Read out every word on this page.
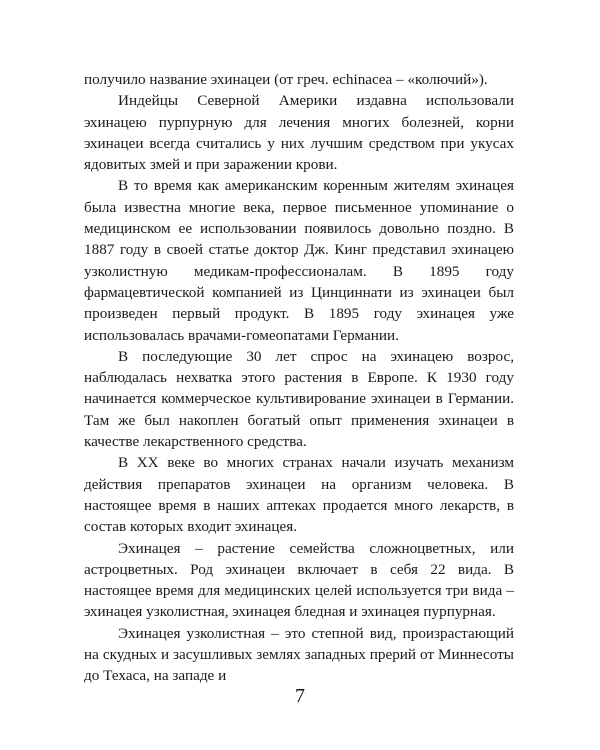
получило название эхинацеи (от греч. echinacea – «колючий»).

Индейцы Северной Америки издавна использовали эхинацею пурпурную для лечения многих болезней, корни эхинацеи всегда считались у них лучшим средством при укусах ядовитых змей и при заражении крови.

В то время как американским коренным жителям эхинацея была известна многие века, первое письменное упоминание о медицинском ее использовании появилось довольно поздно. В 1887 году в своей статье доктор Дж. Кинг представил эхинацею узколистную медикам-профессионалам. В 1895 году фармацевтической компанией из Цинциннати из эхинацеи был произведен первый продукт. В 1895 году эхинацея уже использовалась врачами-гомеопатами Германии.

В последующие 30 лет спрос на эхинацею возрос, наблюдалась нехватка этого растения в Европе. К 1930 году начинается коммерческое культивирование эхинацеи в Германии. Там же был накоплен богатый опыт применения эхинацеи в качестве лекарственного средства.

В XX веке во многих странах начали изучать механизм действия препаратов эхинацеи на организм человека. В настоящее время в наших аптеках продается много лекарств, в состав которых входит эхинацея.

Эхинацея – растение семейства сложноцветных, или астроцветных. Род эхинацеи включает в себя 22 вида. В настоящее время для медицинских целей используется три вида – эхинацея узколистная, эхинацея бледная и эхинацея пурпурная.

Эхинацея узколистная – это степной вид, произрастающий на скудных и засушливых землях западных прерий от Миннесоты до Техаса, на западе и

7
